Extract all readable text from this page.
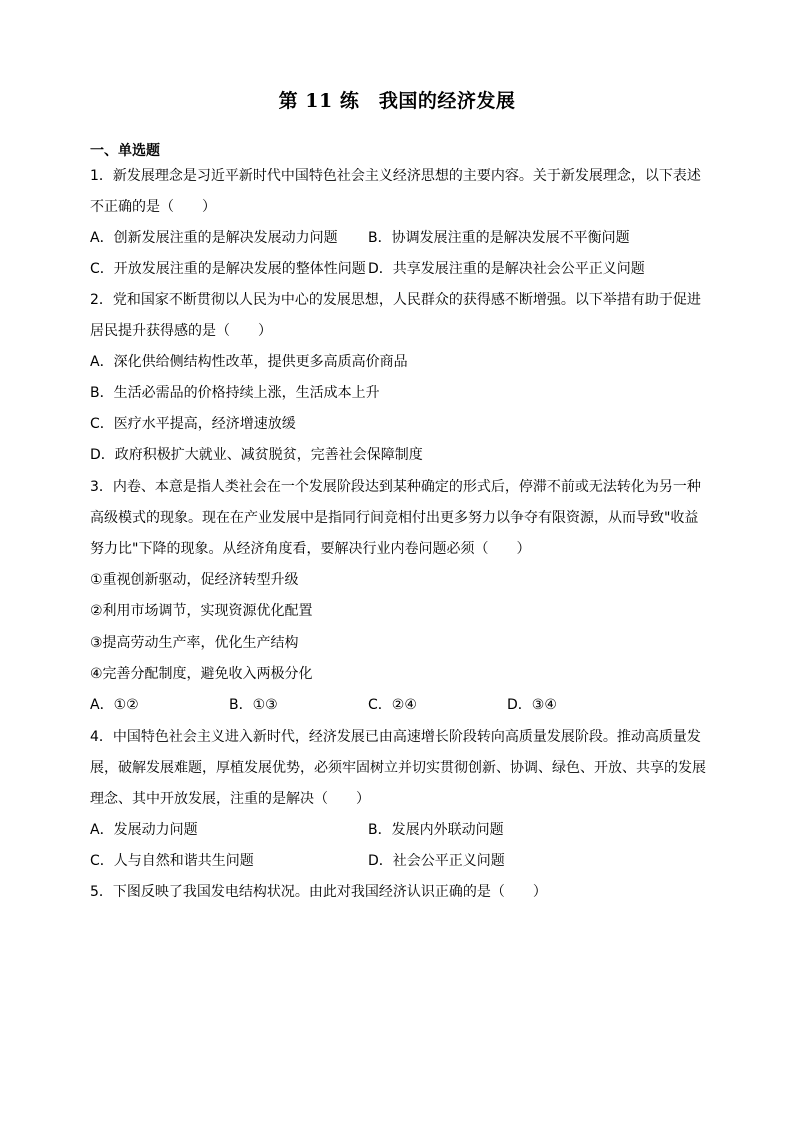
第 11 练　我国的经济发展
一、单选题
1．新发展理念是习近平新时代中国特色社会主义经济思想的主要内容。关于新发展理念，以下表述
不正确的是（　　）
A．创新发展注重的是解决发展动力问题 B．协调发展注重的是解决发展不平衡问题
C．开放发展注重的是解决发展的整体性问题 D．共享发展注重的是解决社会公平正义问题
2．党和国家不断贯彻以人民为中心的发展思想，人民群众的获得感不断增强。以下举措有助于促进
居民提升获得感的是（　　）
A．深化供给侧结构性改革，提供更多高质高价商品
B．生活必需品的价格持续上涨，生活成本上升
C．医疗水平提高，经济增速放缓
D．政府积极扩大就业、减贫脱贫，完善社会保障制度
3．内卷、本意是指人类社会在一个发展阶段达到某种确定的形式后，停滞不前或无法转化为另一种
高级模式的现象。现在在产业发展中是指同行间竞相付出更多努力以争夺有限资源，从而导致"收益
努力比"下降的现象。从经济角度看，要解决行业内卷问题必须（　　）
①重视创新驱动，促经济转型升级
②利用市场调节，实现资源优化配置
③提高劳动生产率，优化生产结构
④完善分配制度，避免收入两极分化
A．①②	B．①③	C．②④	D．③④
4．中国特色社会主义进入新时代，经济发展已由高速增长阶段转向高质量发展阶段。推动高质量发
展，破解发展难题，厚植发展优势，必须牢固树立并切实贯彻创新、协调、绿色、开放、共享的发展
理念、其中开放发展，注重的是解决（　　）
A．发展动力问题	B．发展内外联动问题
C．人与自然和谐共生问题	D．社会公平正义问题
5．下图反映了我国发电结构状况。由此对我国经济认识正确的是（　　）
